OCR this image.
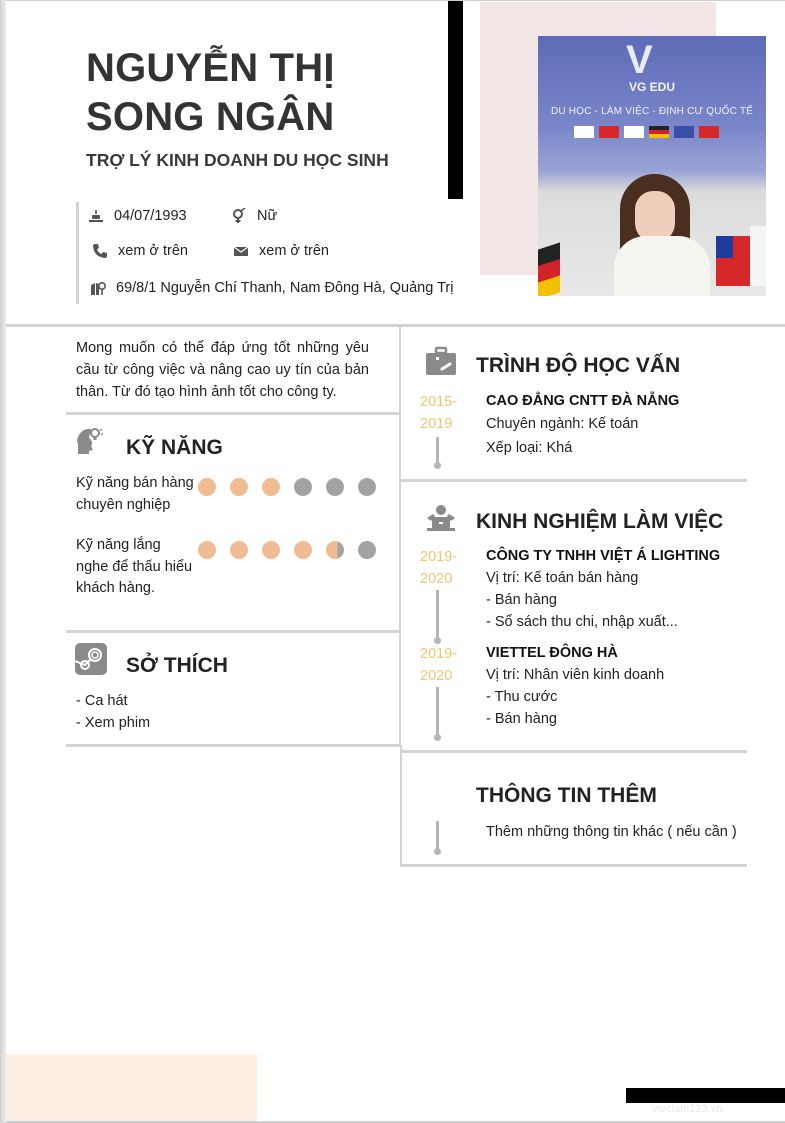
NGUYỄN THỊ
SONG NGÂN
TRỢ LÝ KINH DOANH DU HỌC SINH
V
VG EDU
DU HỌC - LÀM VIỆC - ĐỊNH CƯ QUỐC TẾ
04/07/1993	Nữ
xem ở trên	xem ở trên
69/8/1 Nguyễn Chí Thanh, Nam Đông Hà, Quảng Trị
Mong muốn có thể đáp ứng tốt những yêu cầu từ công việc và nâng cao uy tín của bản thân. Từ đó tạo hình ảnh tốt cho công ty.
KỸ NĂNG
Kỹ năng bán hàng chuyên nghiệp
Kỹ năng lắng nghe để thấu hiểu khách hàng.
SỞ THÍCH
- Ca hát
- Xem phim
TRÌNH ĐỘ HỌC VẤN
2015-
2019
CAO ĐẲNG CNTT ĐÀ NẴNG
Chuyên ngành: Kế toán
Xếp loại: Khá
KINH NGHIỆM LÀM VIỆC
2019-
2020
CÔNG TY TNHH VIỆT Á LIGHTING
Vị trí: Kế toán bán hàng
- Bán hàng
- Sổ sách thu chi, nhập xuất...
2019-
2020
VIETTEL ĐÔNG HÀ
Vị trí: Nhân viên kinh doanh
- Thu cước
- Bán hàng
THÔNG TIN THÊM
Thêm những thông tin khác ( nếu cần )
vieclam123.vn
